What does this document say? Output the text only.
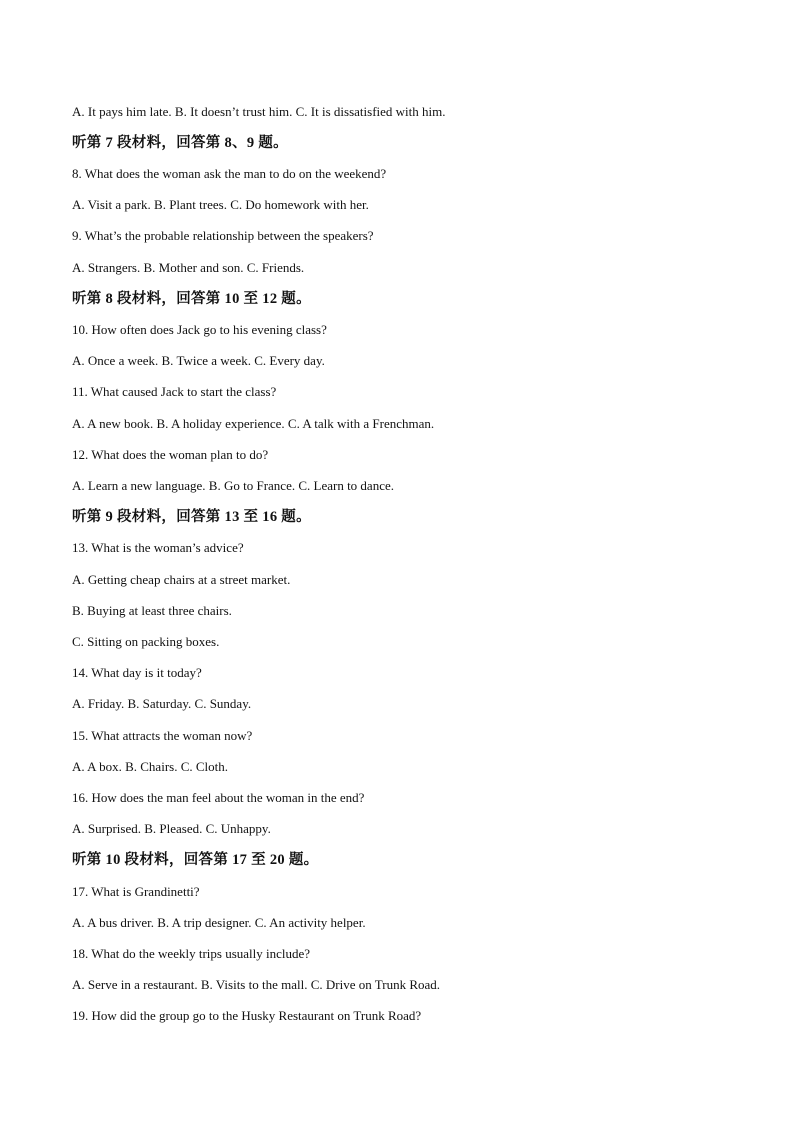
A. It pays him late. B. It doesn’t trust him. C. It is dissatisfied with him.
听第 7 段材料，回答第 8、9 题。
8. What does the woman ask the man to do on the weekend?
A. Visit a park. B. Plant trees. C. Do homework with her.
9. What’s the probable relationship between the speakers?
A. Strangers. B. Mother and son. C. Friends.
听第 8 段材料，回答第 10 至 12 题。
10. How often does Jack go to his evening class?
A. Once a week. B. Twice a week. C. Every day.
11. What caused Jack to start the class?
A. A new book. B. A holiday experience. C. A talk with a Frenchman.
12. What does the woman plan to do?
A. Learn a new language. B. Go to France. C. Learn to dance.
听第 9 段材料，回答第 13 至 16 题。
13. What is the woman’s advice?
A. Getting cheap chairs at a street market.
B. Buying at least three chairs.
C. Sitting on packing boxes.
14. What day is it today?
A. Friday. B. Saturday. C. Sunday.
15. What attracts the woman now?
A. A box. B. Chairs. C. Cloth.
16. How does the man feel about the woman in the end?
A. Surprised. B. Pleased. C. Unhappy.
听第 10 段材料，回答第 17 至 20 题。
17. What is Grandinetti?
A. A bus driver. B. A trip designer. C. An activity helper.
18. What do the weekly trips usually include?
A. Serve in a restaurant. B. Visits to the mall. C. Drive on Trunk Road.
19. How did the group go to the Husky Restaurant on Trunk Road?
